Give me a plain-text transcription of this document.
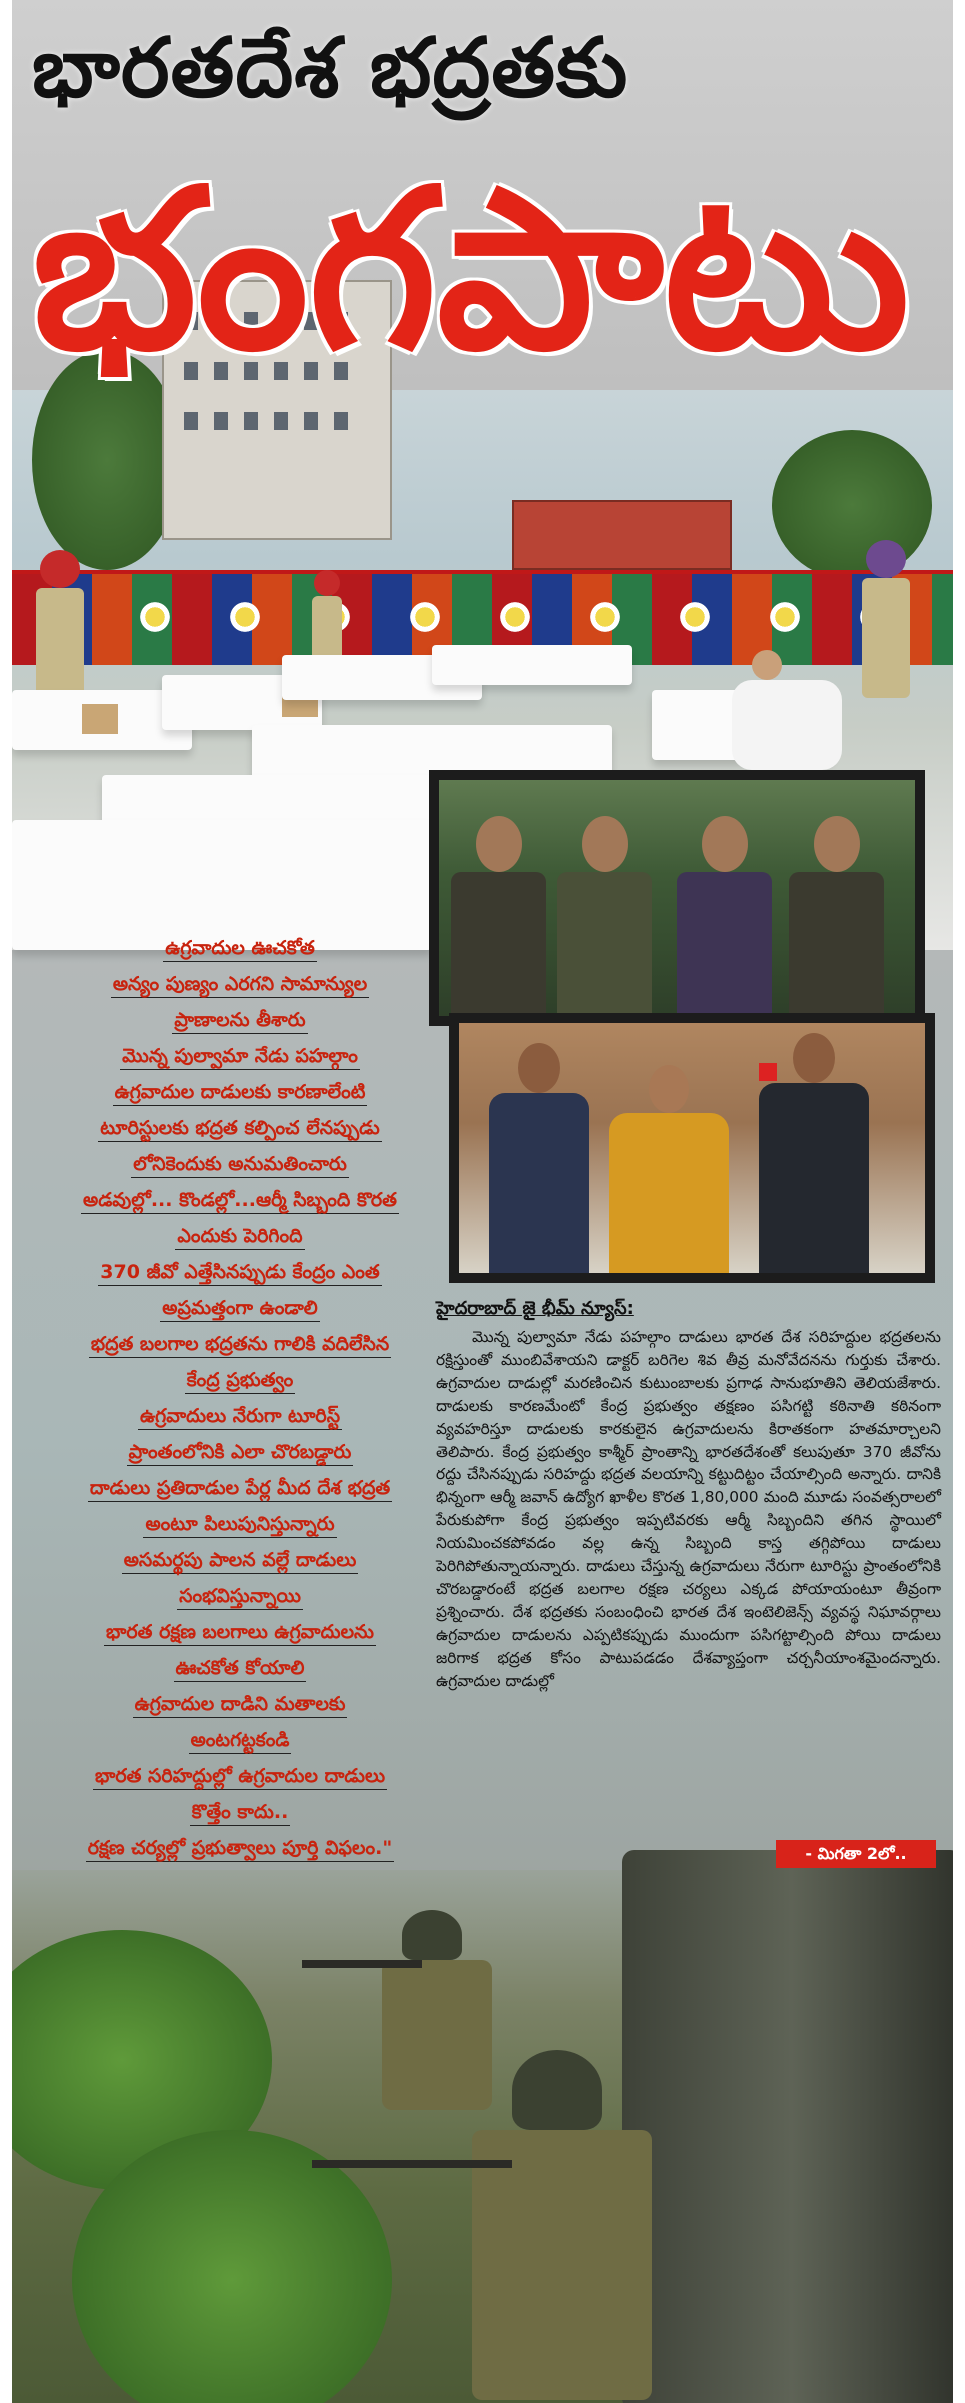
భారతదేశ భద్రతకు
భంగపాటు
ఉగ్రవాదుల ఊచకోత
అన్యం పుణ్యం ఎరగని సామాన్యుల
ప్రాణాలను తీశారు
మొన్న పుల్వామా నేడు పహల్గాం
ఉగ్రవాదుల దాడులకు కారణాలేంటి
టూరిస్టులకు భద్రత కల్పించ లేనప్పుడు
లోనికెందుకు అనుమతించారు
అడవుల్లో... కొండల్లో...ఆర్మీ సిబ్బంది కొరత
ఎందుకు పెరిగింది
370 జీవో ఎత్తేసినప్పుడు కేంద్రం ఎంత
అప్రమత్తంగా ఉండాలి
భద్రత బలగాల భద్రతను గాలికి వదిలేసిన
కేంద్ర ప్రభుత్వం
ఉగ్రవాదులు నేరుగా టూరిస్ట్
ప్రాంతంలోనికి ఎలా చొరబడ్డారు
దాడులు ప్రతిదాడుల పేర్ల మీద దేశ భద్రత
అంటూ పిలుపునిస్తున్నారు
అసమర్థపు పాలన వల్లే దాడులు
సంభవిస్తున్నాయి
భారత రక్షణ బలగాలు ఉగ్రవాదులను
ఊచకోత కోయాలి
ఉగ్రవాదుల దాడిని మతాలకు
అంటగట్టకండి
భారత సరిహద్దుల్లో ఉగ్రవాదుల దాడులు
కొత్తేం కాదు..
రక్షణ చర్యల్లో ప్రభుత్వాలు పూర్తి విఫలం."
హైదరాబాద్ జై భీమ్ న్యూస్:

మొన్న పుల్వామా నేడు పహల్గాం దాడులు భారత దేశ సరిహద్దుల భద్రతలను రక్షిస్తుంతో ముంబివేశాయని డాక్టర్ బరిగెల శివ తీవ్ర మనోవేదనను గుర్తుకు చేశారు. ఉగ్రవాదుల దాడుల్లో మరణించిన కుటుంబాలకు ప్రగాఢ సానుభూతిని తెలియజేశారు. దాడులకు కారణమేంటో కేంద్ర ప్రభుత్వం తక్షణం పసిగట్టి కఠినాతి కఠినంగా వ్యవహరిస్తూ దాడులకు కారకులైన ఉగ్రవాదులను కిరాతకంగా హతమార్చాలని తెలిపారు. కేంద్ర ప్రభుత్వం కాశ్మీర్ ప్రాంతాన్ని భారతదేశంతో కలుపుతూ 370 జీవోను రద్దు చేసినప్పుడు సరిహద్దు భద్రత వలయాన్ని కట్టుదిట్టం చేయాల్సింది అన్నారు. దానికి భిన్నంగా ఆర్మీ జవాన్ ఉద్యోగ ఖాళీల కొరత 1,80,000 మంది మూడు సంవత్సరాలలో పేరుకుపోగా కేంద్ర ప్రభుత్వం ఇప్పటివరకు ఆర్మీ సిబ్బందిని తగిన స్థాయిలో నియమించకపోవడం వల్ల ఉన్న సిబ్బంది కాస్త తగ్గిపోయి దాడులు పెరిగిపోతున్నాయన్నారు. దాడులు చేస్తున్న ఉగ్రవాదులు నేరుగా టూరిస్టు ప్రాంతంలోనికి చొరబడ్డారంటే భద్రత బలగాల రక్షణ చర్యలు ఎక్కడ పోయాయంటూ తీవ్రంగా ప్రశ్నించారు. దేశ భద్రతకు సంబంధించి భారత దేశ ఇంటెలిజెన్స్ వ్యవస్థ నిఘావర్గాలు ఉగ్రవాదుల దాడులను ఎప్పటికప్పుడు ముందుగా పసిగట్టాల్సింది పోయి దాడులు జరిగాక భద్రత కోసం పాటుపడడం దేశవ్యాప్తంగా చర్చనీయాంశమైందన్నారు. ఉగ్రవాదుల దాడుల్లో

- మిగతా 2లో..
